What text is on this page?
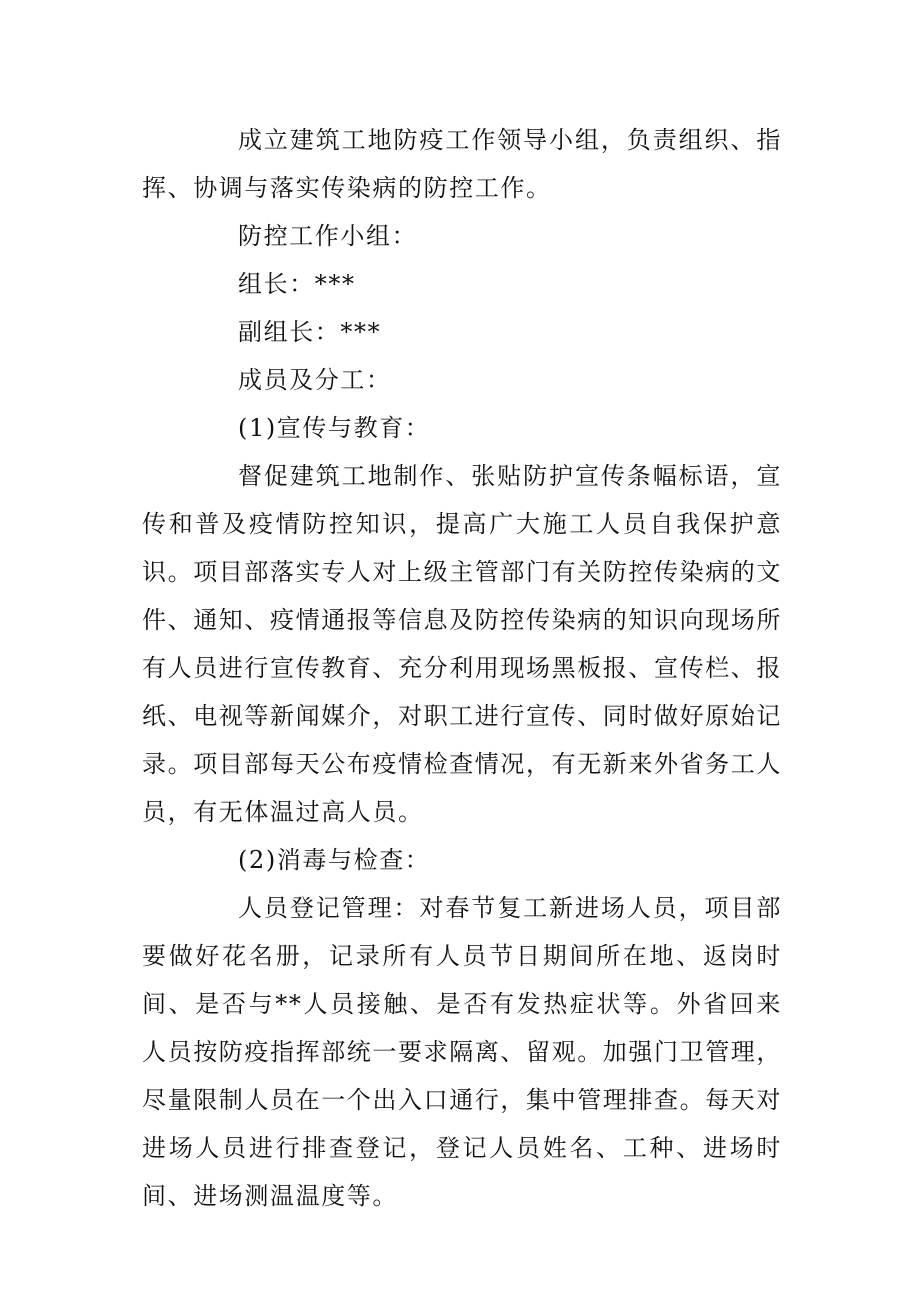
成立建筑工地防疫工作领导小组，负责组织、指挥、协调与落实传染病的防控工作。

防控工作小组：

组长：***

副组长：***

成员及分工：

(1)宣传与教育：

督促建筑工地制作、张贴防护宣传条幅标语，宣传和普及疫情防控知识，提高广大施工人员自我保护意识。项目部落实专人对上级主管部门有关防控传染病的文件、通知、疫情通报等信息及防控传染病的知识向现场所有人员进行宣传教育、充分利用现场黑板报、宣传栏、报纸、电视等新闻媒介，对职工进行宣传、同时做好原始记录。项目部每天公布疫情检查情况，有无新来外省务工人员，有无体温过高人员。

(2)消毒与检查：

人员登记管理：对春节复工新进场人员，项目部要做好花名册，记录所有人员节日期间所在地、返岗时间、是否与**人员接触、是否有发热症状等。外省回来人员按防疫指挥部统一要求隔离、留观。加强门卫管理，尽量限制人员在一个出入口通行，集中管理排查。每天对进场人员进行排查登记，登记人员姓名、工种、进场时间、进场测温温度等。
